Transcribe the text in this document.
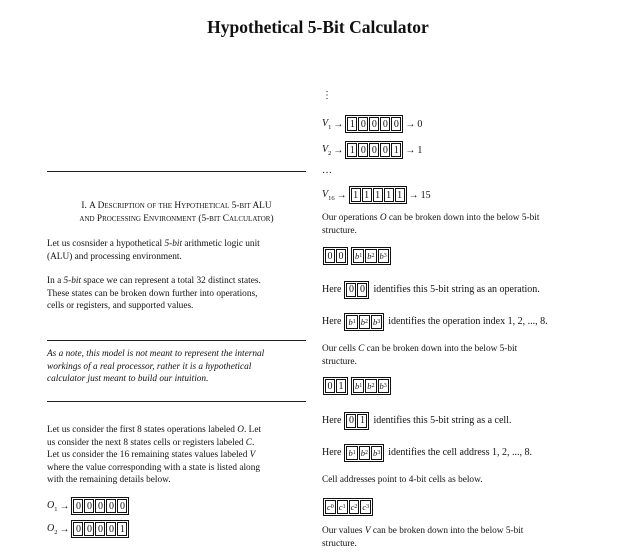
Hypothetical 5-Bit Calculator
I. A Description of the Hypothetical 5-bit ALU
and Processing Environment (5-bit Calculator)
Let us cosnsider a hypothetical 5-bit arithmetic logic unit
(ALU) and processing environment.
In a 5-bit space we can represent a total 32 distinct states.
These states can be broken down further into operations,
cells or registers, and supported values.
As a note, this model is not meant to represent the internal
workings of a real processor, rather it is a hypothetical
calculator just meant to build our intuition.
Let us consider the first 8 states operations labeled O. Let
us consider the next 8 states cells or registers labeled C.
Let us consider the 16 remaining states values labeled V
where the value corresponding with a state is listed along
with the remaining details below.
$O_1 \to 0$ 0 0 0 0
$O_2 \to 0$ 0 0 0 1
⋮
$V_1 \to 1$ 0 0 0 0 → 0
$V_2 \to 1$ 0 0 0 1 → 1
…
$V_{16} \to 1$ 1 1 1 1 → 15
Our operations O can be broken down into the below 5-bit
structure.
0 0 b 1 b 2 b 3
Here 0 0 identifies this 5-bit string as an operation.
Here b 1 b 2 b 3 identifies the operation index 1, 2, ..., 8.
Our cells C can be broken down into the below 5-bit
structure.
0 1 b 1 b 2 b 3
Here 0 1 identifies this 5-bit string as a cell.
Here b 1 b 2 b 3 identifies the cell address 1, 2, ..., 8.
Cell addresses point to 4-bit cells as below.
c 0 c 1 c 2 c 3
Our values V can be broken down into the below 5-bit
structure.
